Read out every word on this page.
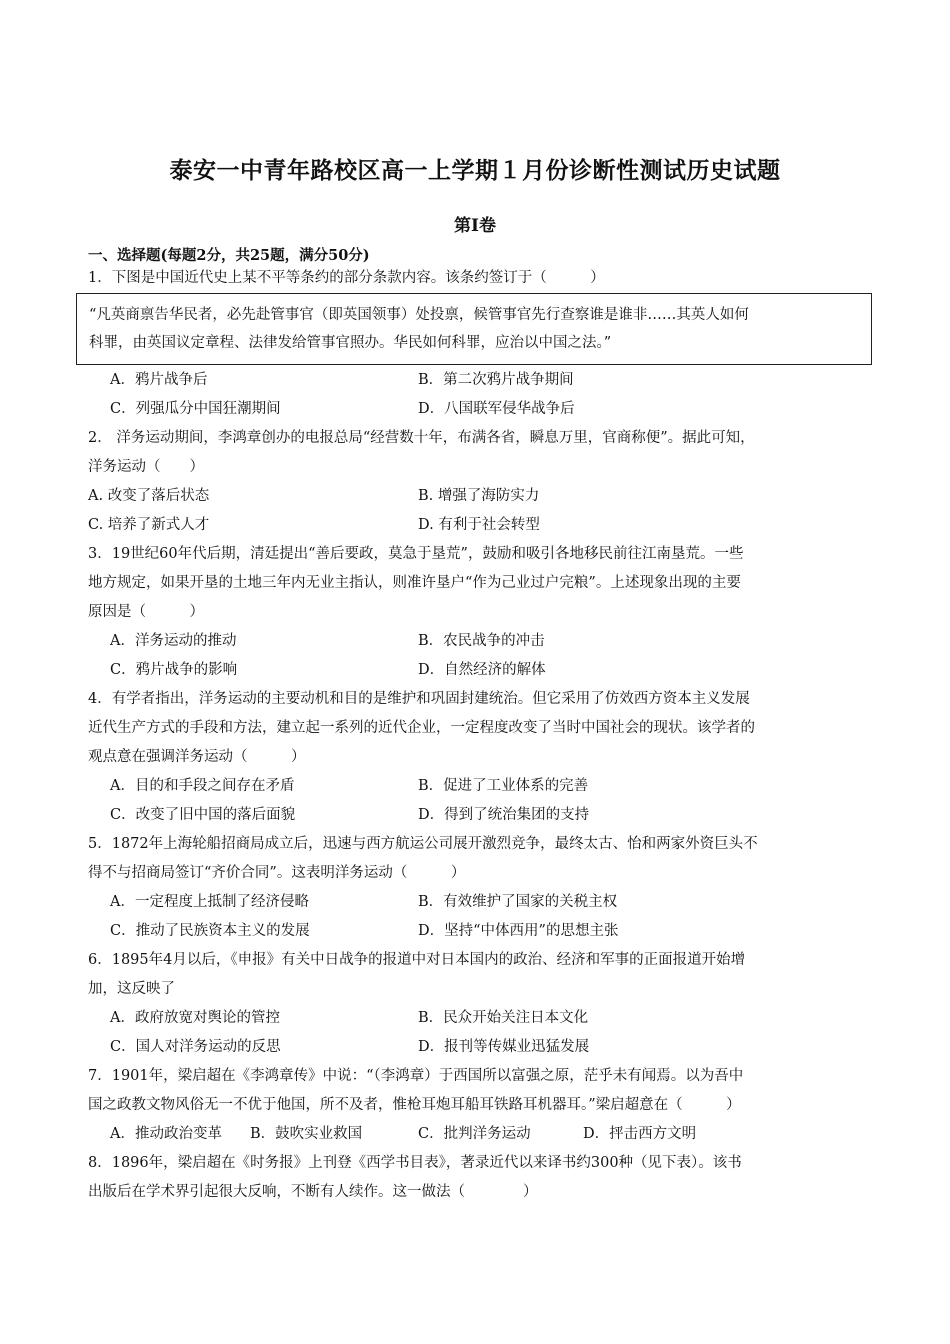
泰安一中青年路校区高一上学期１月份诊断性测试历史试题
第Ⅰ卷
一、选择题(每题2分，共25题，满分50分)
1．下图是中国近代史上某不平等条约的部分条款内容。该条约签订于（　　　）
“凡英商禀告华民者，必先赴管事官（即英国领事）处投禀，候管事官先行查察谁是谁非……其英人如何
科罪，由英国议定章程、法律发给管事官照办。华民如何科罪，应治以中国之法。”
A．鸦片战争后	B．第二次鸦片战争期间
C．列强瓜分中国狂潮期间	D．八国联军侵华战争后
2． 洋务运动期间，李鸿章创办的电报总局“经营数十年，布满各省，瞬息万里，官商称便”。据此可知，
洋务运动（　　）
A. 改变了落后状态	B. 增强了海防实力
C. 培养了新式人才	D. 有利于社会转型
3．19世纪60年代后期，清廷提出“善后要政，莫急于垦荒”，鼓励和吸引各地移民前往江南垦荒。一些
地方规定，如果开垦的土地三年内无业主指认，则准许垦户“作为己业过户完粮”。上述现象出现的主要
原因是（　　　）
A．洋务运动的推动	B．农民战争的冲击
C．鸦片战争的影响	D．自然经济的解体
4．有学者指出，洋务运动的主要动机和目的是维护和巩固封建统治。但它采用了仿效西方资本主义发展
近代生产方式的手段和方法，建立起一系列的近代企业，一定程度改变了当时中国社会的现状。该学者的
观点意在强调洋务运动（　　　）
A．目的和手段之间存在矛盾	B．促进了工业体系的完善
C．改变了旧中国的落后面貌	D．得到了统治集团的支持
5．1872年上海轮船招商局成立后，迅速与西方航运公司展开激烈竞争，最终太古、怡和两家外资巨头不
得不与招商局签订“齐价合同”。这表明洋务运动（　　　）
A．一定程度上抵制了经济侵略	B．有效维护了国家的关税主权
C．推动了民族资本主义的发展	D．坚持“中体西用”的思想主张
6．1895年4月以后，《申报》有关中日战争的报道中对日本国内的政治、经济和军事的正面报道开始增
加，这反映了
A．政府放宽对舆论的管控	B．民众开始关注日本文化
C．国人对洋务运动的反思	D．报刊等传媒业迅猛发展
7．1901年，梁启超在《李鸿章传》中说：“（李鸿章）于西国所以富强之原，茫乎未有闻焉。以为吾中
国之政教文物风俗无一不优于他国，所不及者，惟枪耳炮耳船耳铁路耳机器耳。”梁启超意在（　　　）
A．推动政治变革 B．鼓吹实业救国	C．批判洋务运动	D．抨击西方文明
8．1896年，梁启超在《时务报》上刊登《西学书目表》，著录近代以来译书约300种（见下表）。该书
出版后在学术界引起很大反响，不断有人续作。这一做法（　　　　）
